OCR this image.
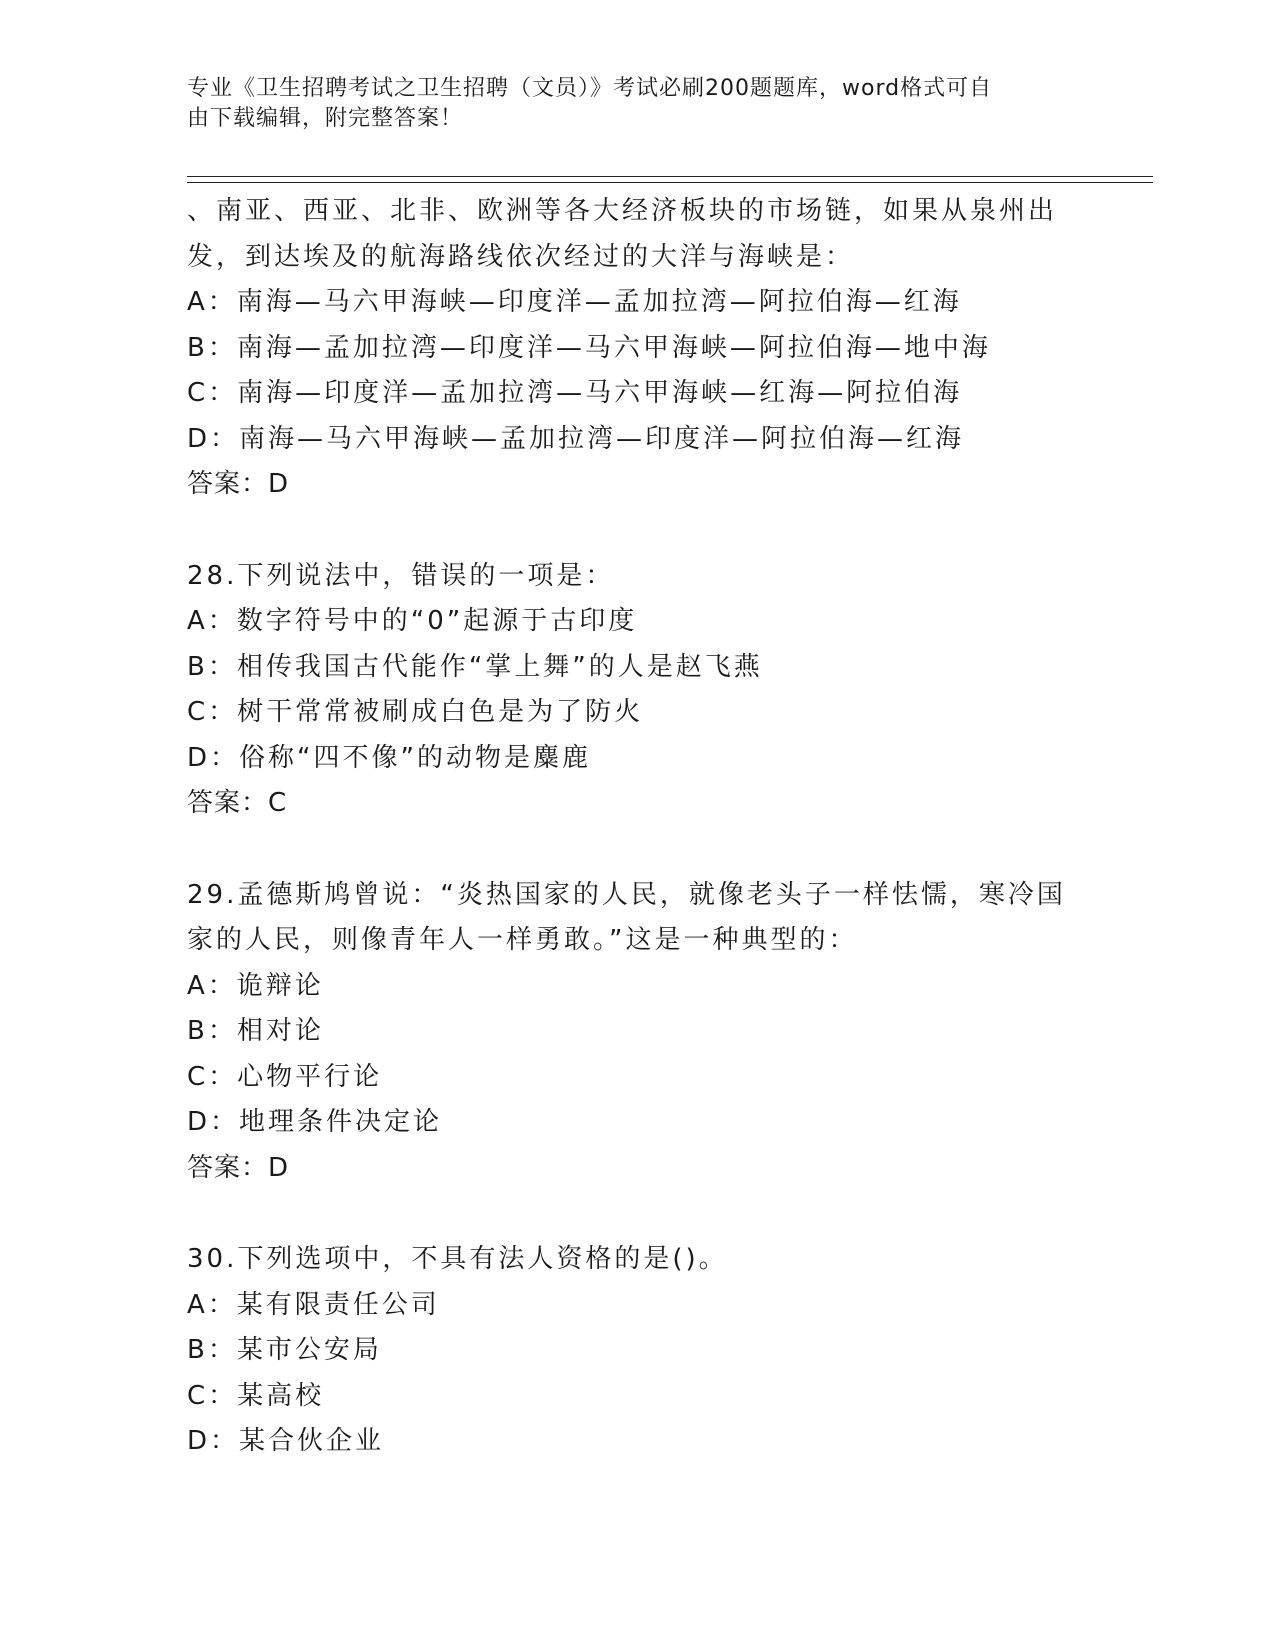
专业《卫生招聘考试之卫生招聘（文员）》考试必刷200题题库，word格式可自
由下载编辑，附完整答案！
、南亚、西亚、北非、欧洲等各大经济板块的市场链，如果从泉州出
发，到达埃及的航海路线依次经过的大洋与海峡是：
A：南海—马六甲海峡—印度洋—孟加拉湾—阿拉伯海—红海
B：南海—孟加拉湾—印度洋—马六甲海峡—阿拉伯海—地中海
C：南海—印度洋—孟加拉湾—马六甲海峡—红海—阿拉伯海
D：南海—马六甲海峡—孟加拉湾—印度洋—阿拉伯海—红海
答案：D
28.下列说法中，错误的一项是：
A：数字符号中的“0”起源于古印度
B：相传我国古代能作“掌上舞”的人是赵飞燕
C：树干常常被刷成白色是为了防火
D：俗称“四不像”的动物是麋鹿
答案：C
29.孟德斯鸠曾说：“炎热国家的人民，就像老头子一样怯懦，寒冷国
家的人民，则像青年人一样勇敢。”这是一种典型的：
A：诡辩论
B：相对论
C：心物平行论
D：地理条件决定论
答案：D
30.下列选项中，不具有法人资格的是()。
A：某有限责任公司
B：某市公安局
C：某高校
D：某合伙企业
